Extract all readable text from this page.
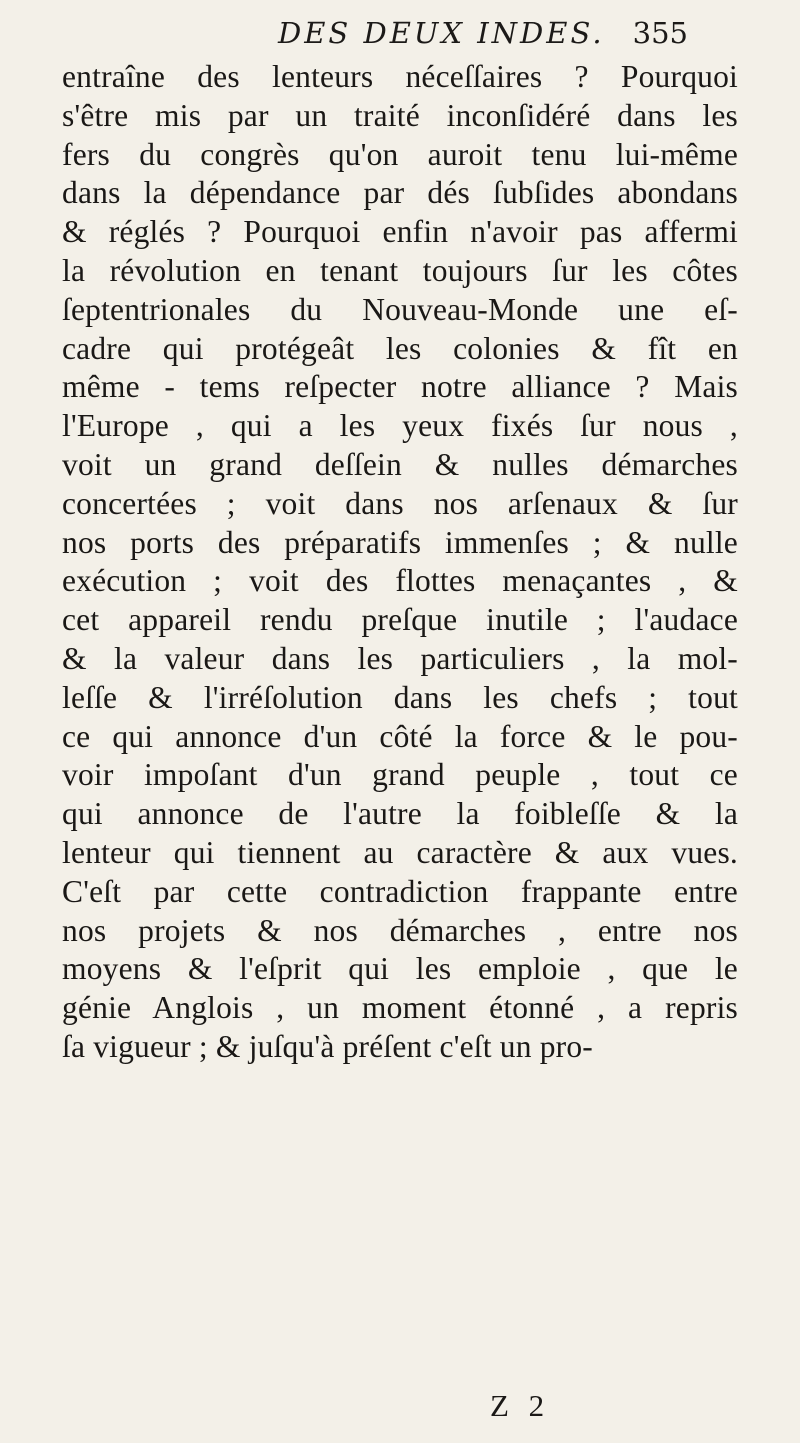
DES DEUX INDES. 355
entraîne des lenteurs néceſſaires ? Pourquoi
s'être mis par un traité inconſidéré dans les
fers du congrès qu'on auroit tenu lui-même
dans la dépendance par dés ſubſides abondans
& réglés ? Pourquoi enfin n'avoir pas affermi
la révolution en tenant toujours ſur les côtes
ſeptentrionales du Nouveau-Monde une eſ-
cadre qui protégeât les colonies & fît en
même - tems reſpecter notre alliance ? Mais
l'Europe , qui a les yeux fixés ſur nous ,
voit un grand deſſein & nulles démarches
concertées ; voit dans nos arſenaux & ſur
nos ports des préparatifs immenſes ; & nulle
exécution ; voit des flottes menaçantes , &
cet appareil rendu preſque inutile ; l'audace
& la valeur dans les particuliers , la mol-
leſſe & l'irréſolution dans les chefs ; tout
ce qui annonce d'un côté la force & le pou-
voir impoſant d'un grand peuple , tout ce
qui annonce de l'autre la foibleſſe & la
lenteur qui tiennent au caractère & aux vues.
C'eſt par cette contradiction frappante entre
nos projets & nos démarches , entre nos
moyens & l'eſprit qui les emploie , que le
génie Anglois , un moment étonné , a repris
ſa vigueur ; & juſqu'à préſent c'eſt un pro-
Z 2
